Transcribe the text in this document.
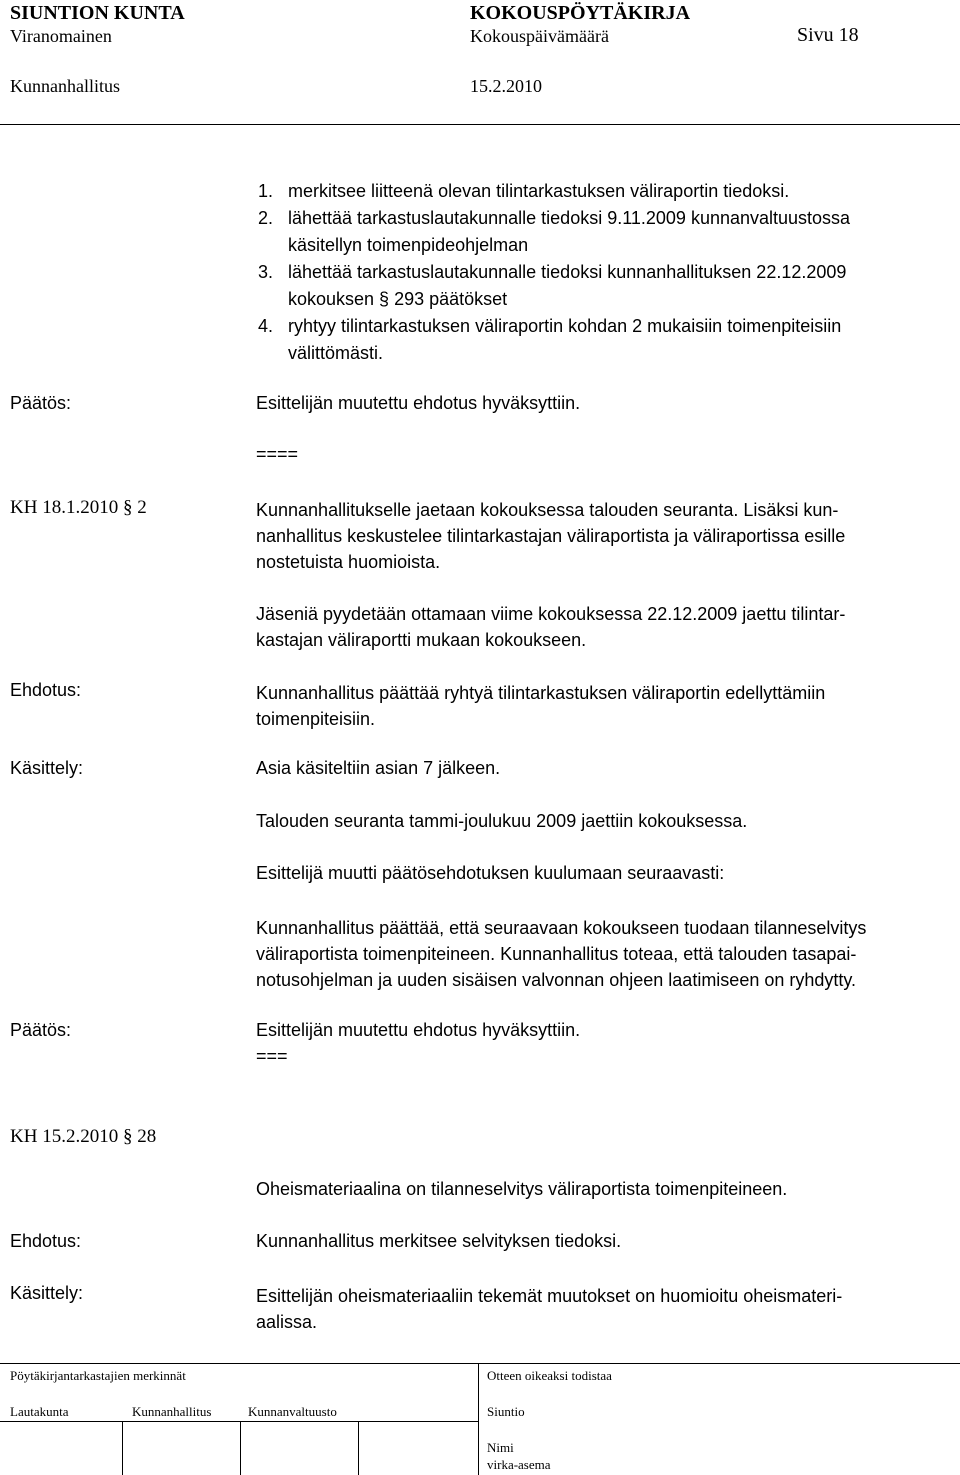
SIUNTION KUNTA	KOKOUSPÖYTÄKIRJA
Viranomainen	Kokouspäivämäärä	Sivu 18
Kunnanhallitus	15.2.2010
1. merkitsee liitteenä olevan tilintarkastuksen väliraportin tiedoksi.
2. lähettää tarkastuslautakunnalle tiedoksi 9.11.2009 kunnanvaltuustossa
käsitellyn toimenpideohjelman
3. lähettää tarkastuslautakunnalle tiedoksi kunnanhallituksen 22.12.2009
kokouksen § 293 päätökset
4. ryhtyy tilintarkastuksen väliraportin kohdan 2 mukaisiin toimenpiteisiin
välittömästi.
Päätös:	Esittelijän muutettu ehdotus hyväksyttiin.
====
KH 18.1.2010 § 2	Kunnanhallitukselle jaetaan kokouksessa talouden seuranta. Lisäksi kun-
nanhallitus keskustelee tilintarkastajan väliraportista ja väliraportissa esille
nostetuista huomioista.
Jäseniä pyydetään ottamaan viime kokouksessa 22.12.2009 jaettu tilintar-
kastajan väliraportti mukaan kokoukseen.
Ehdotus:	Kunnanhallitus päättää ryhtyä tilintarkastuksen väliraportin edellyttämiin
toimenpiteisiin.
Käsittely:	Asia käsiteltiin asian 7 jälkeen.
Talouden seuranta tammi-joulukuu 2009 jaettiin kokouksessa.
Esittelijä muutti päätösehdotuksen kuulumaan seuraavasti:
Kunnanhallitus päättää, että seuraavaan kokoukseen tuodaan tilanneselvitys
väliraportista toimenpiteineen. Kunnanhallitus toteaa, että talouden tasapai-
notusohjelman ja uuden sisäisen valvonnan ohjeen laatimiseen on ryhdytty.
Päätös:	Esittelijän muutettu ehdotus hyväksyttiin.
===
KH 15.2.2010 § 28
Oheismateriaalina on tilanneselvitys väliraportista toimenpiteineen.
Ehdotus:	Kunnanhallitus merkitsee selvityksen tiedoksi.
Käsittely:	Esittelijän oheismateriaaliin tekemät muutokset on huomioitu oheismateri-
aalissa.
Pöytäkirjantarkastajien merkinnät	Otteen oikeaksi todistaa
Lautakunta	Kunnanhallitus	Kunnanvaltuusto	Siuntio
Nimi
virka-asema
